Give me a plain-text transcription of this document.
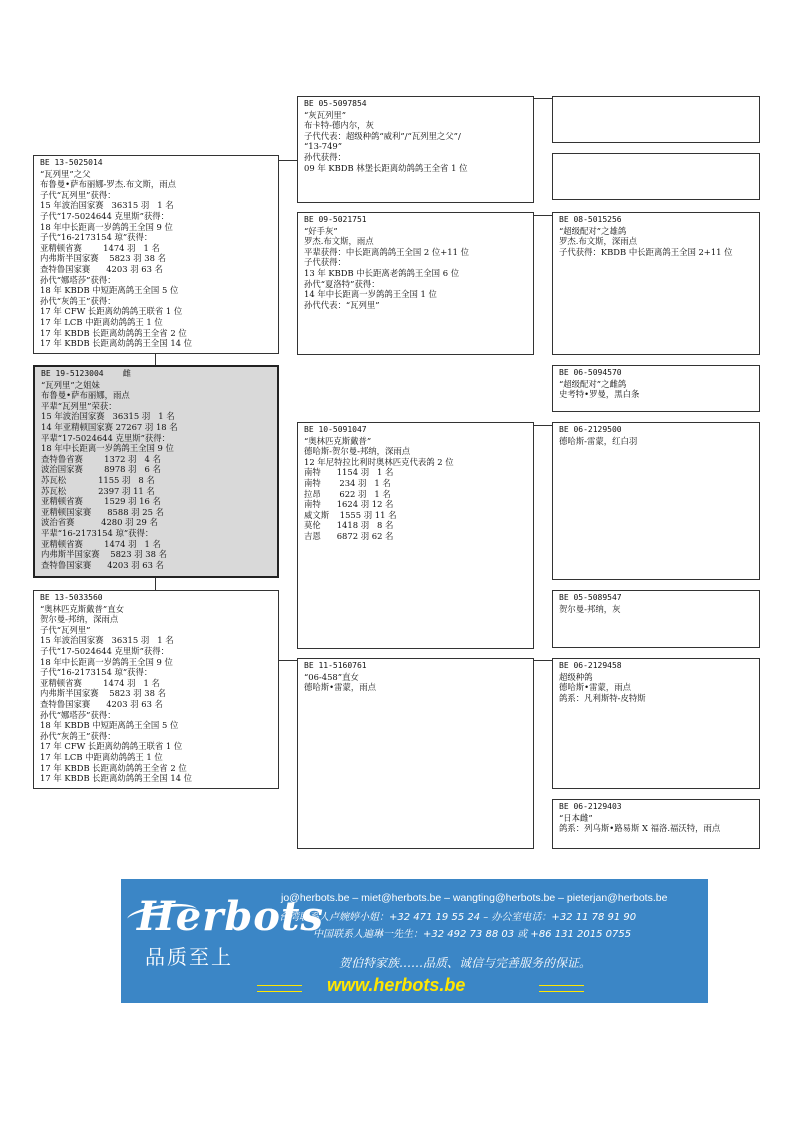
BE 13-5025014
“瓦列里”之父
布鲁曼•萨布丽娜-罗杰.布文斯，雨点
子代“瓦列里”获得：
15 年波治国家赛   36315 羽   1 名
子代“17-5024644 克里斯”获得：
18 年中长距离一岁鸽鸽王全国 9 位
子代“16-2173154 琼”获得：
亚精顿省赛        1474 羽   1 名
内弗斯半国家赛    5823 羽 38 名
查特鲁国家赛      4203 羽 63 名
孙代“娜塔莎”获得：
18 年 KBDB 中短距离鸽王全国 5 位
孙代“灰鸽王”获得：
17 年 CFW 长距离幼鸽鸽王联省 1 位
17 年 LCB 中距离幼鸽鸽王 1 位
17 年 KBDB 长距离幼鸽鸽王全省 2 位
17 年 KBDB 长距离幼鸽鸽王全国 14 位
BE 19-5123004    雌
“瓦列里”之姐妹
布鲁曼•萨布丽娜，雨点
平辈“瓦列里”荣获：
15 年波治国家赛   36315 羽   1 名
14 年亚精顿国家赛 27267 羽 18 名
平辈“17-5024644 克里斯”获得：
18 年中长距离一岁鸽鸽王全国 9 位
查特鲁省赛        1372 羽   4 名
波治国家赛        8978 羽   6 名
苏瓦松            1155 羽   8 名
苏瓦松            2397 羽 11 名
亚精顿省赛        1529 羽 16 名
亚精顿国家赛      8588 羽 25 名
波治省赛          4280 羽 29 名
平辈“16-2173154 琼”获得：
亚精顿省赛        1474 羽   1 名
内弗斯半国家赛    5823 羽 38 名
查特鲁国家赛      4203 羽 63 名
BE 13-5033560
“奥林匹克斯戴普”直女
贺尔曼-邦纳，深雨点
子代“瓦列里”
15 年波治国家赛   36315 羽   1 名
子代“17-5024644 克里斯”获得：
18 年中长距离一岁鸽鸽王全国 9 位
子代“16-2173154 琼”获得：
亚精顿省赛        1474 羽   1 名
内弗斯半国家赛    5823 羽 38 名
查特鲁国家赛      4203 羽 63 名
孙代“娜塔莎”获得：
18 年 KBDB 中短距离鸽王全国 5 位
孙代“灰鸽王”获得：
17 年 CFW 长距离幼鸽鸽王联省 1 位
17 年 LCB 中距离幼鸽鸽王 1 位
17 年 KBDB 长距离幼鸽鸽王全省 2 位
17 年 KBDB 长距离幼鸽鸽王全国 14 位
BE 05-5097854
“灰瓦列里”
布卡特-德内尔，灰
子代代表：超级种鸽“威利”/“瓦列里之父”/
“13-749”
孙代获得：
09 年 KBDB 林堡长距离幼鸽鸽王全省 1 位
BE 09-5021751
“好手灰”
罗杰.布文斯，雨点
平辈获得：中长距离鸽鸽王全国 2 位+11 位
子代获得：
13 年 KBDB 中长距离老鸽鸽王全国 6 位
孙代“夏洛特”获得：
14 年中长距离一岁鸽鸽王全国 1 位
孙代代表：“瓦列里”
BE 10-5091047
“奥林匹克斯戴普”
德哈斯-贺尔曼-邦纳，深雨点
12 年尼特拉比利时奥林匹克代表鸽 2 位
南特      1154 羽   1 名
南特       234 羽   1 名
拉昂       622 羽   1 名
南特      1624 羽 12 名
威文斯    1555 羽 11 名
莫伦      1418 羽   8 名
吉恩      6872 羽 62 名
BE 11-5160761
“06-458”直女
德哈斯•雷蒙，雨点
BE 08-5015256
“超级配对”之雄鸽
罗杰.布文斯，深雨点
子代获得：KBDB 中长距离鸽王全国 2+11 位
BE 06-5094570
“超级配对”之雌鸽
史考特•罗曼，黑白条
BE 06-2129500
德哈斯-雷蒙，红白羽
BE 05-5089547
贺尔曼-邦纳，灰
BE 06-2129458
超级种鸽
德哈斯•雷蒙，雨点
鸽系：凡利斯特-皮特斯
BE 06-2129403
“日本雌”
鸽系：列乌斯•路易斯 X 福洛.福沃特，雨点
Herbots
品质至上
jo@herbots.be – miet@herbots.be – wangting@herbots.be – pieterjan@herbots.be
台湾联系人卢婉婷小姐：+32 471 19 55 24 – 办公室电话：+32 11 78 91 90
中国联系人遍琳一先生：+32 492 73 88 03 或 +86 131 2015 0755
贺伯特家族……品质、诚信与完善服务的保证。
www.herbots.be
